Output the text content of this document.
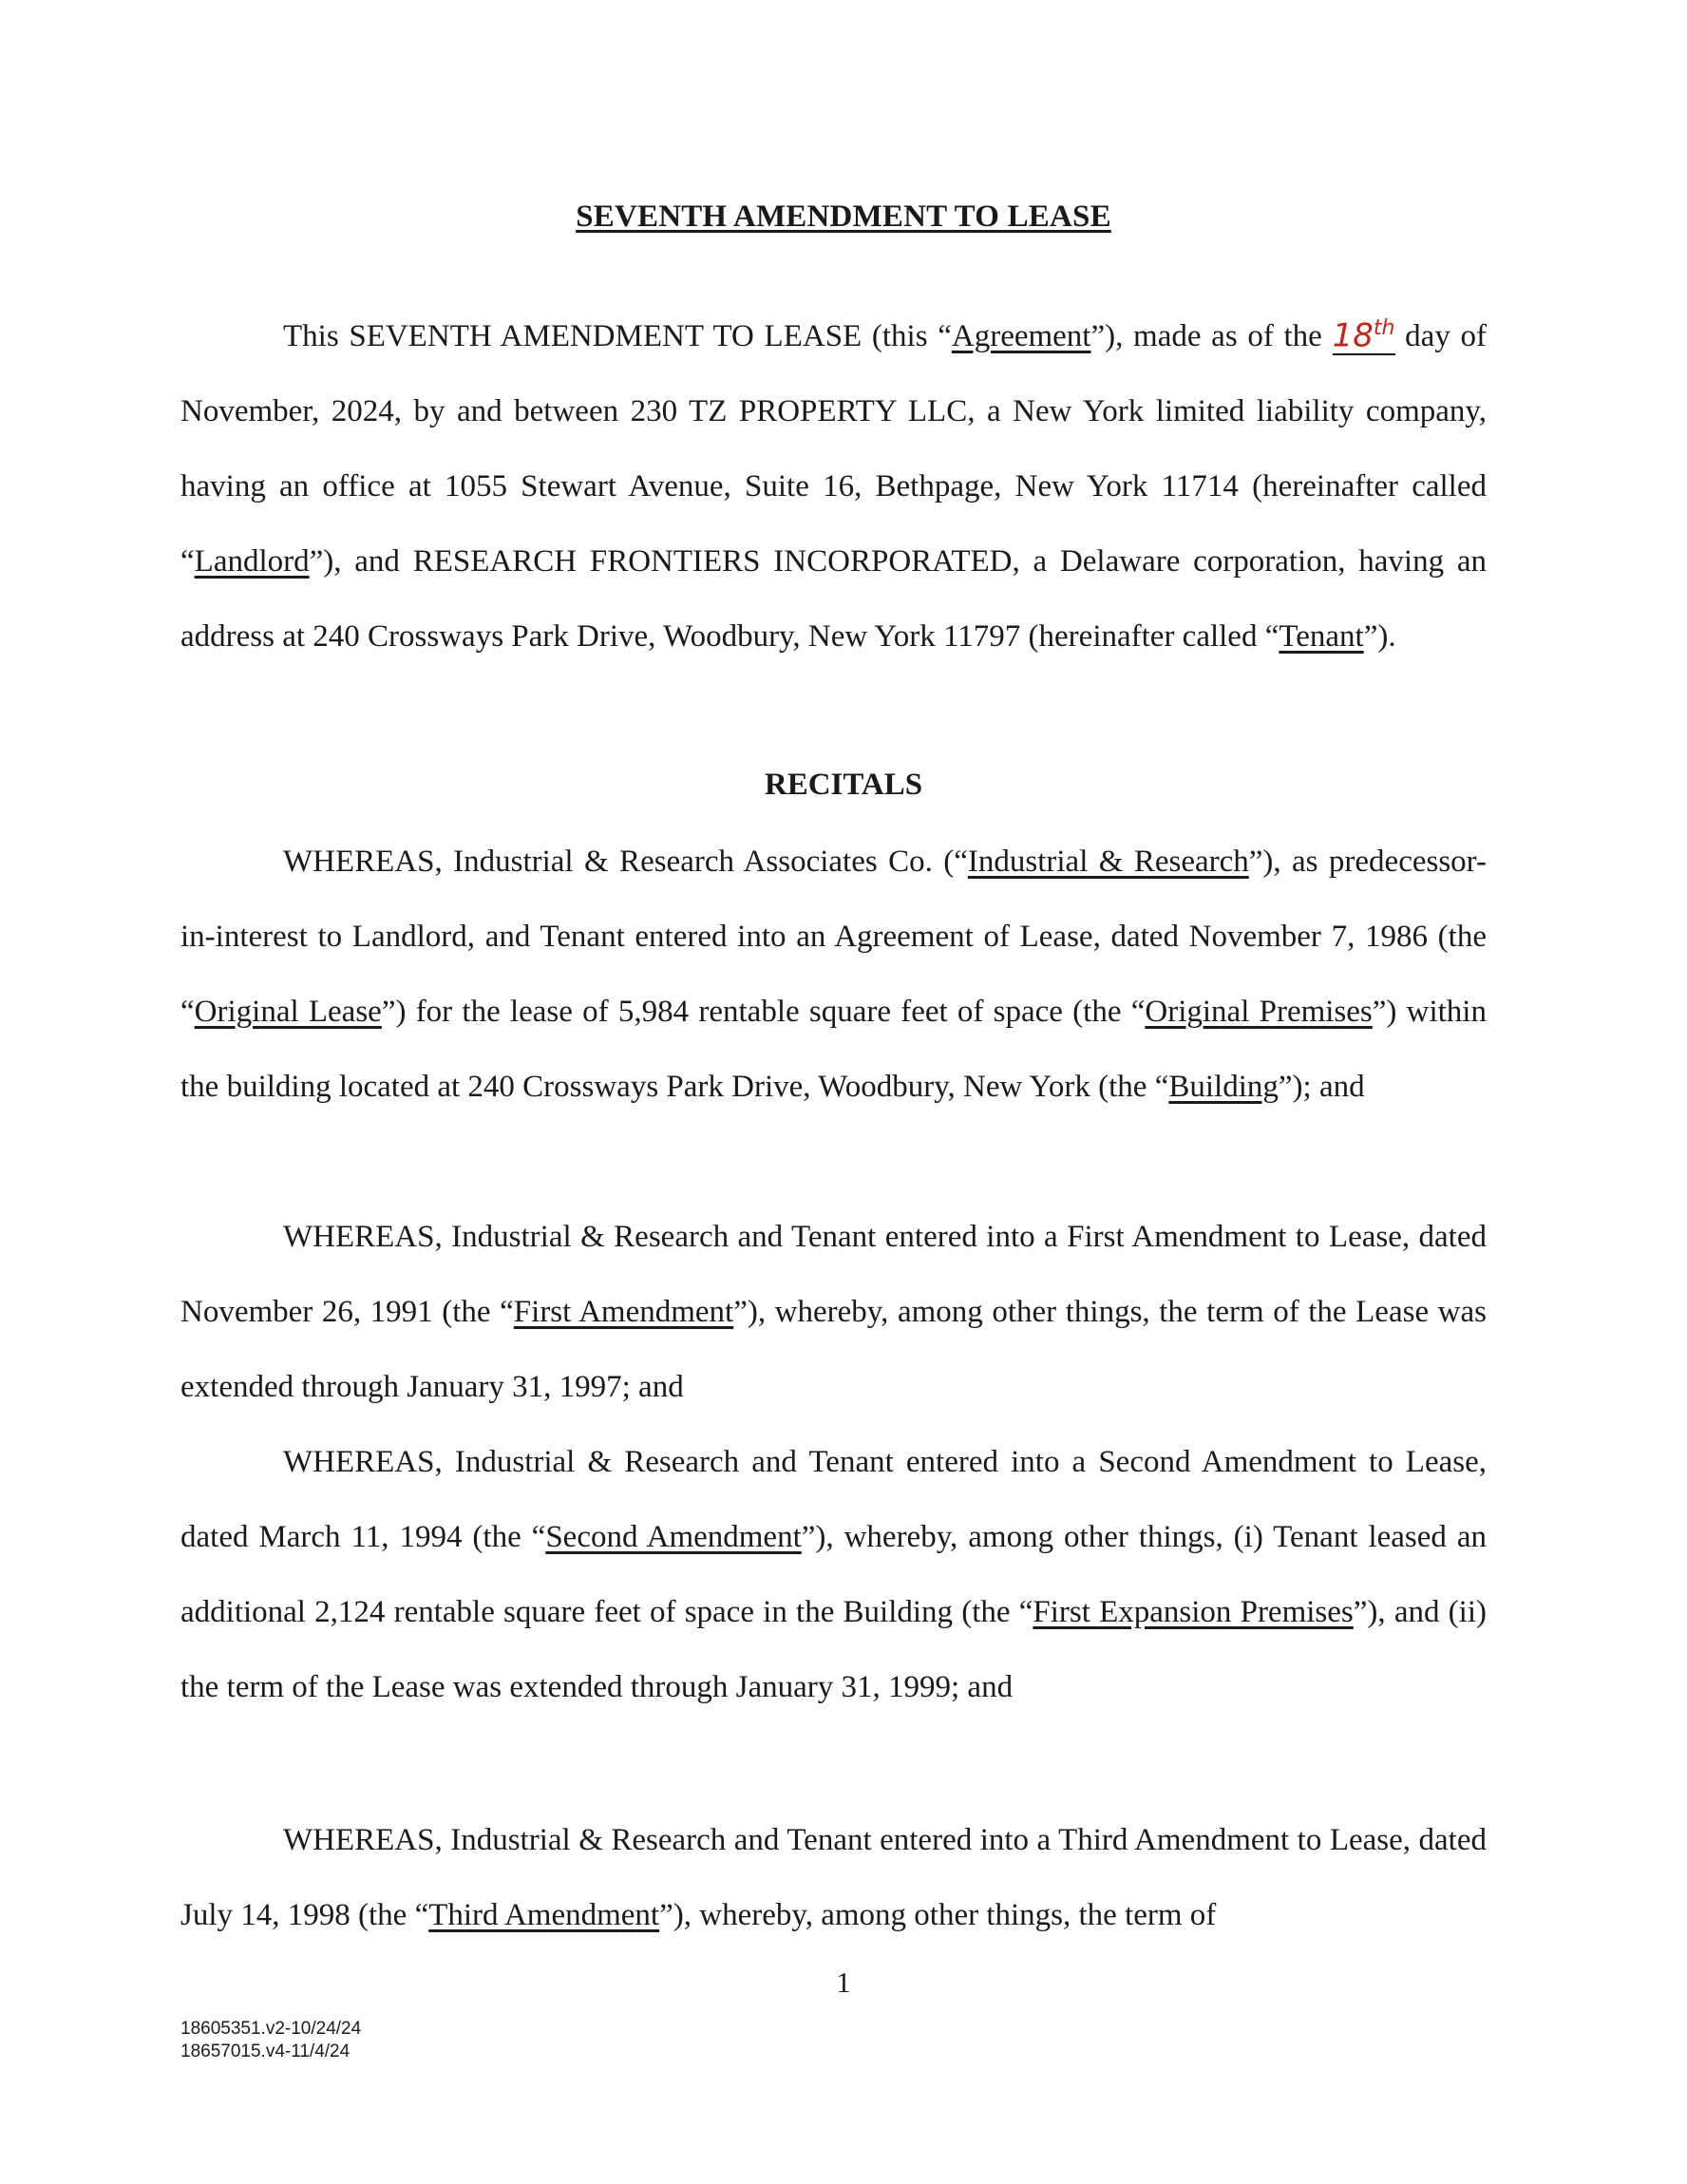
SEVENTH AMENDMENT TO LEASE
This SEVENTH AMENDMENT TO LEASE (this “Agreement”), made as of the 18th day of November, 2024, by and between 230 TZ PROPERTY LLC, a New York limited liability company, having an office at 1055 Stewart Avenue, Suite 16, Bethpage, New York 11714 (hereinafter called “Landlord”), and RESEARCH FRONTIERS INCORPORATED, a Delaware corporation, having an address at 240 Crossways Park Drive, Woodbury, New York 11797 (hereinafter called “Tenant”).
RECITALS
WHEREAS, Industrial & Research Associates Co. (“Industrial & Research”), as predecessor-in-interest to Landlord, and Tenant entered into an Agreement of Lease, dated November 7, 1986 (the “Original Lease”) for the lease of 5,984 rentable square feet of space (the “Original Premises”) within the building located at 240 Crossways Park Drive, Woodbury, New York (the “Building”); and
WHEREAS, Industrial & Research and Tenant entered into a First Amendment to Lease, dated November 26, 1991 (the “First Amendment”), whereby, among other things, the term of the Lease was extended through January 31, 1997; and
WHEREAS, Industrial & Research and Tenant entered into a Second Amendment to Lease, dated March 11, 1994 (the “Second Amendment”), whereby, among other things, (i) Tenant leased an additional 2,124 rentable square feet of space in the Building (the “First Expansion Premises”), and (ii) the term of the Lease was extended through January 31, 1999; and
WHEREAS, Industrial & Research and Tenant entered into a Third Amendment to Lease, dated July 14, 1998 (the “Third Amendment”), whereby, among other things, the term of
1
18605351.v2-10/24/24
18657015.v4-11/4/24
